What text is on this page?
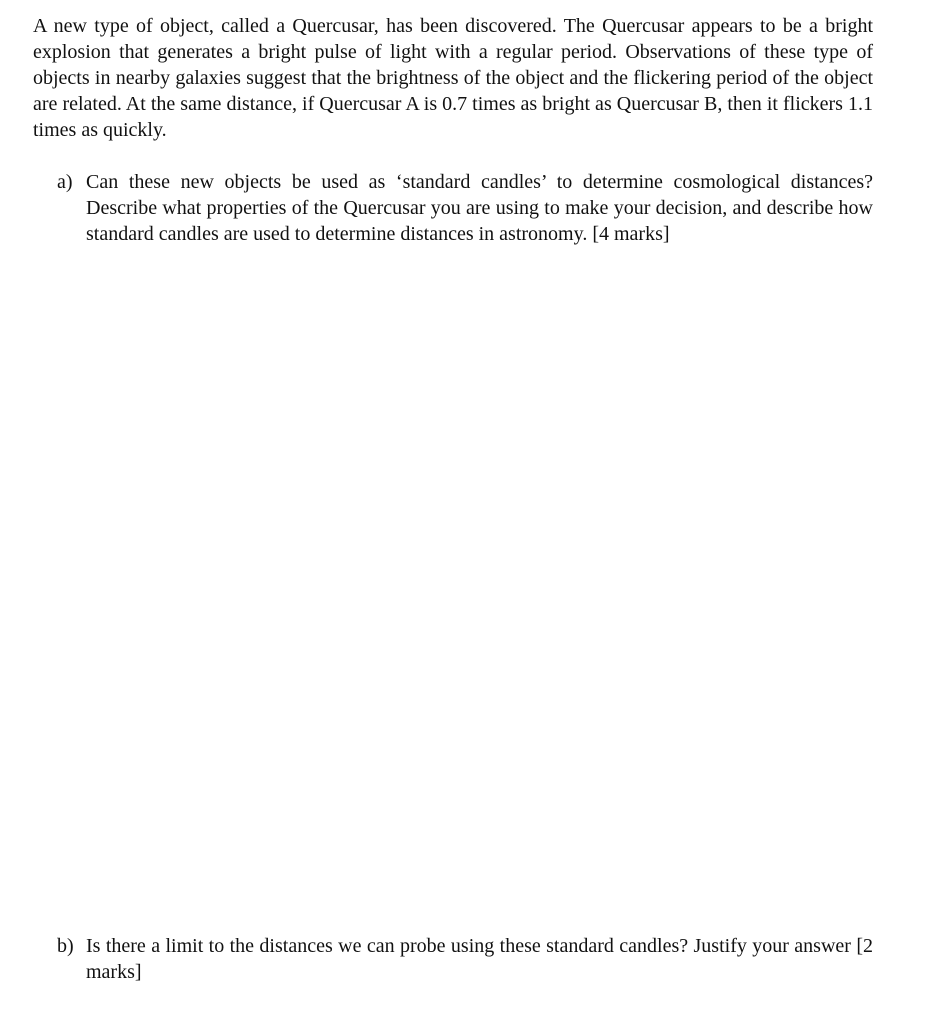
A new type of object, called a Quercusar, has been discovered. The Quercusar appears to be a bright explosion that generates a bright pulse of light with a regular period. Observations of these type of objects in nearby galaxies suggest that the brightness of the object and the flickering period of the object are related. At the same distance, if Quercusar A is 0.7 times as bright as Quercusar B, then it flickers 1.1 times as quickly.

a) Can these new objects be used as ‘standard candles’ to determine cosmological distances? Describe what properties of the Quercusar you are using to make your decision, and describe how standard candles are used to determine distances in astronomy. [4 marks]
b) Is there a limit to the distances we can probe using these standard candles? Justify your answer [2 marks]
